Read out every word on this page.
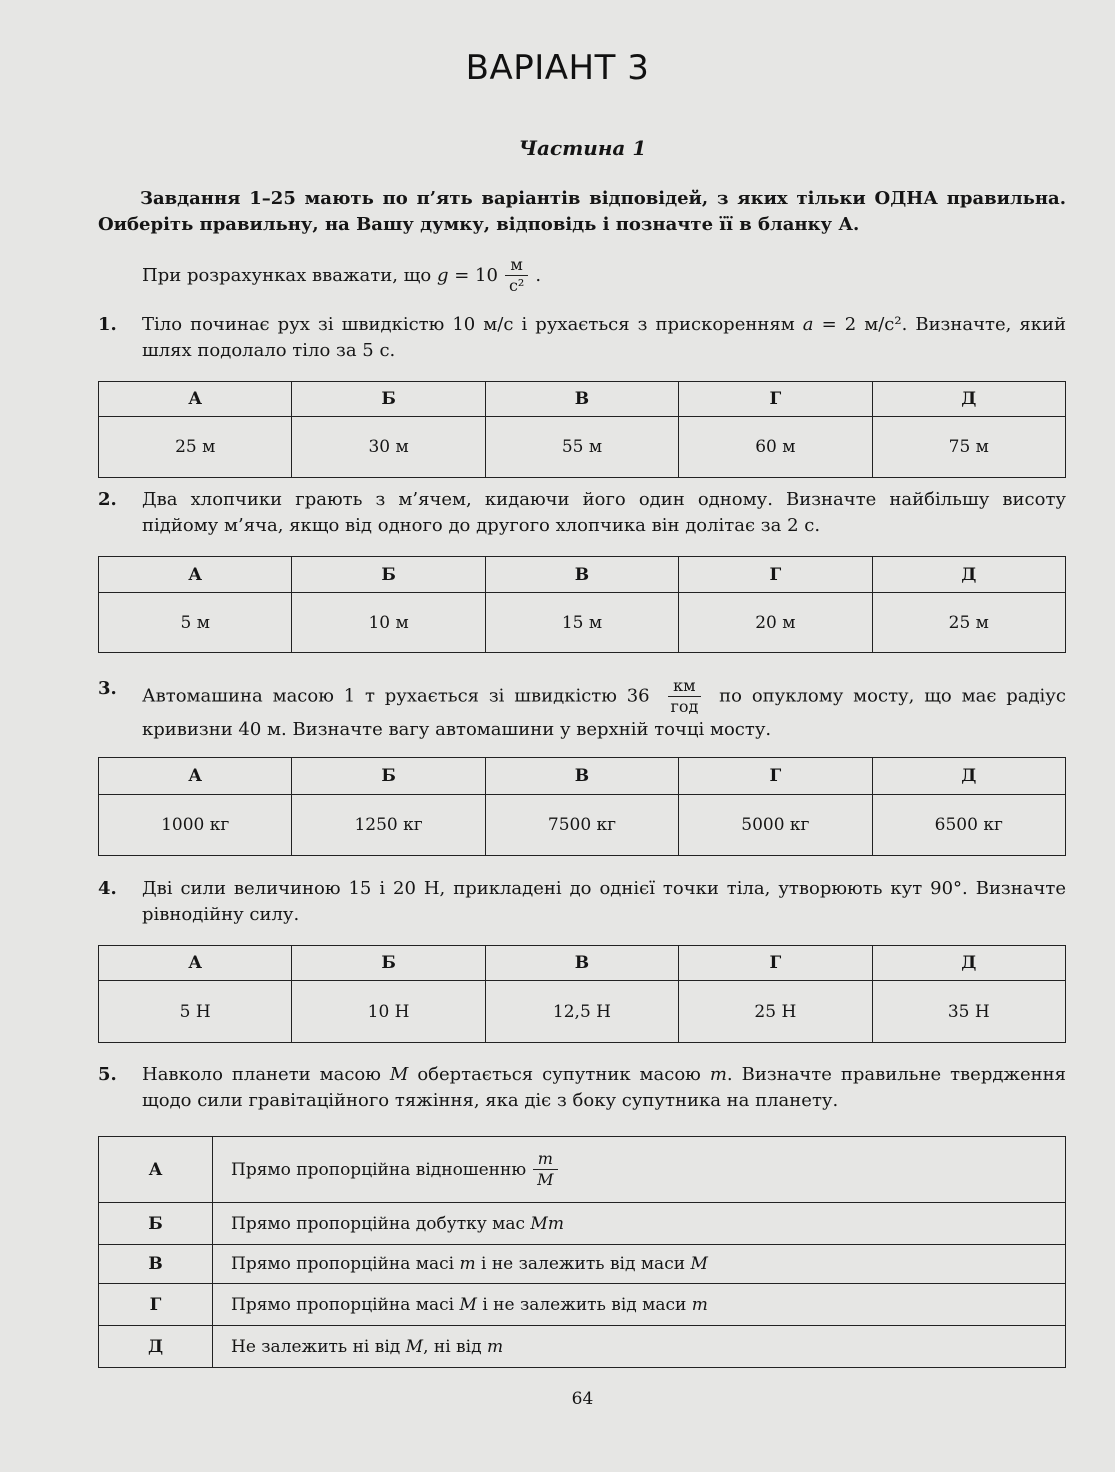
ВАРІАНТ 3
Частина 1
Завдання 1–25 мають по п’ять варіантів відповідей, з яких тільки ОДНА правильна. Оиберіть правильну, на Вашу думку, відповідь і позначте її в бланку А.
При розрахунках вважати, що
g
= $10 \frac{м}{\text{с²}}$ .
1.	Тіло починає рух зі швидкістю 10 м/с і рухається з прискоренням a = 2 м/с². Визначте, який шлях подолало тіло за 5 с.
А	Б	В	Г	Д
25 м	30 м	55 м	60 м	75 м
2.	Два хлопчики грають з м’ячем, кидаючи його один одному. Визначте найбільшу висоту підйому м’яча, якщо від одного до другого хлопчика він долітає за 2 с.
А	Б	В	Г	Д
5 м	10 м	15 м	20 м	25 м
3.	Автомашина масою 1 т рухається зі швидкістю $36 \frac{км}{\text{год}}$ по опуклому мосту, що має радіус кривизни 40 м. Визначте вагу автомашини у верхній точці мосту.
А	Б	В	Г	Д
1000 кг	1250 кг	7500 кг	5000 кг	6500 кг
4.	Дві сили величиною 15 і 20 Н, прикладені до однієї точки тіла, утворюють кут 90°. Визначте рівнодійну силу.
А	Б	В	Г	Д
5 Н	10 Н	12,5 Н	25 Н	35 Н
5.	Навколо планети масою M обертається супутник масою m. Визначте правильне твердження щодо сили гравітаційного тяжіння, яка діє з боку супутника на планету.
А	Прямо пропорційна відношенню $\frac{m}{M}$

Б	Прямо пропорційна добутку мас Mm
В	Прямо пропорційна масі m і не залежить від маси M
Г	Прямо пропорційна масі M і не залежить від маси m
Д	Не залежить ні від M, ні від m
64
